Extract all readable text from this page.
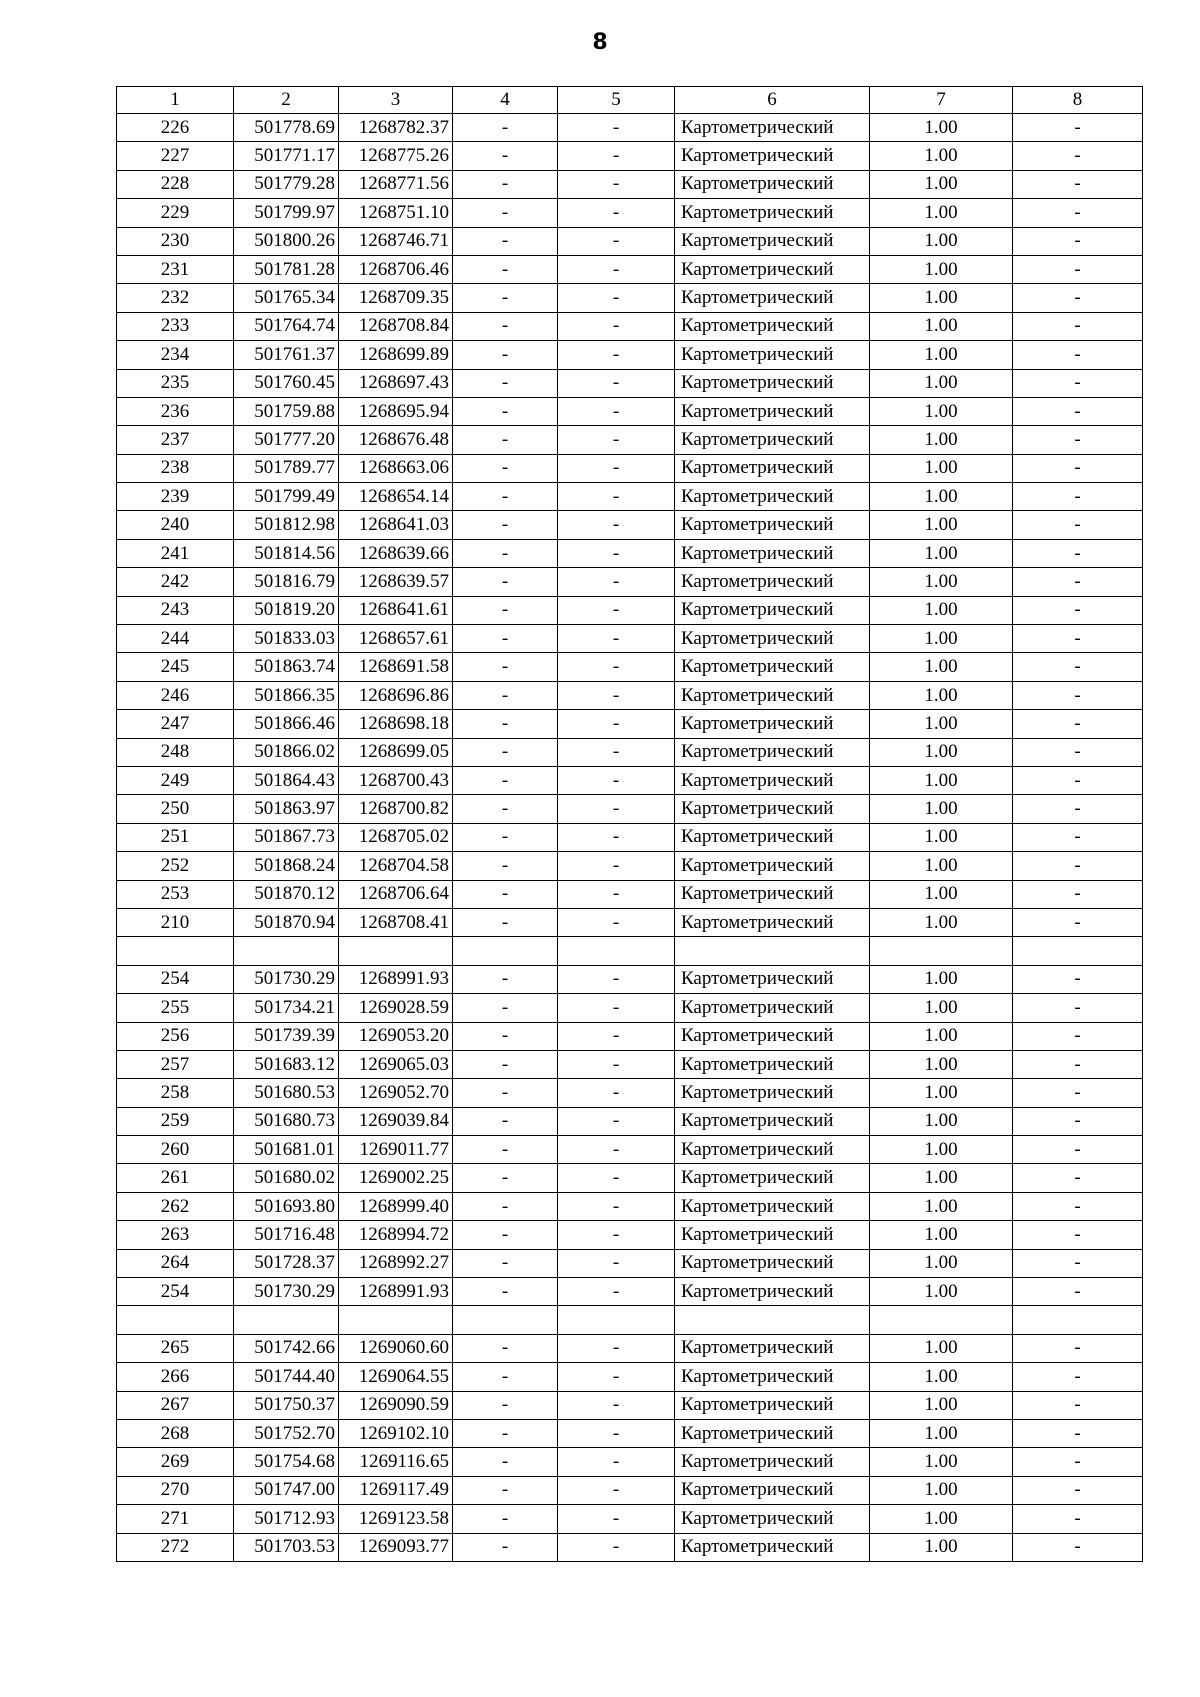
8
1	2	3	4	5	6	7	8
226	501778.69	1268782.37	-	-	Картометрический	1.00	-
227	501771.17	1268775.26	-	-	Картометрический	1.00	-
228	501779.28	1268771.56	-	-	Картометрический	1.00	-
229	501799.97	1268751.10	-	-	Картометрический	1.00	-
230	501800.26	1268746.71	-	-	Картометрический	1.00	-
231	501781.28	1268706.46	-	-	Картометрический	1.00	-
232	501765.34	1268709.35	-	-	Картометрический	1.00	-
233	501764.74	1268708.84	-	-	Картометрический	1.00	-
234	501761.37	1268699.89	-	-	Картометрический	1.00	-
235	501760.45	1268697.43	-	-	Картометрический	1.00	-
236	501759.88	1268695.94	-	-	Картометрический	1.00	-
237	501777.20	1268676.48	-	-	Картометрический	1.00	-
238	501789.77	1268663.06	-	-	Картометрический	1.00	-
239	501799.49	1268654.14	-	-	Картометрический	1.00	-
240	501812.98	1268641.03	-	-	Картометрический	1.00	-
241	501814.56	1268639.66	-	-	Картометрический	1.00	-
242	501816.79	1268639.57	-	-	Картометрический	1.00	-
243	501819.20	1268641.61	-	-	Картометрический	1.00	-
244	501833.03	1268657.61	-	-	Картометрический	1.00	-
245	501863.74	1268691.58	-	-	Картометрический	1.00	-
246	501866.35	1268696.86	-	-	Картометрический	1.00	-
247	501866.46	1268698.18	-	-	Картометрический	1.00	-
248	501866.02	1268699.05	-	-	Картометрический	1.00	-
249	501864.43	1268700.43	-	-	Картометрический	1.00	-
250	501863.97	1268700.82	-	-	Картометрический	1.00	-
251	501867.73	1268705.02	-	-	Картометрический	1.00	-
252	501868.24	1268704.58	-	-	Картометрический	1.00	-
253	501870.12	1268706.64	-	-	Картометрический	1.00	-
210	501870.94	1268708.41	-	-	Картометрический	1.00	-

254	501730.29	1268991.93	-	-	Картометрический	1.00	-
255	501734.21	1269028.59	-	-	Картометрический	1.00	-
256	501739.39	1269053.20	-	-	Картометрический	1.00	-
257	501683.12	1269065.03	-	-	Картометрический	1.00	-
258	501680.53	1269052.70	-	-	Картометрический	1.00	-
259	501680.73	1269039.84	-	-	Картометрический	1.00	-
260	501681.01	1269011.77	-	-	Картометрический	1.00	-
261	501680.02	1269002.25	-	-	Картометрический	1.00	-
262	501693.80	1268999.40	-	-	Картометрический	1.00	-
263	501716.48	1268994.72	-	-	Картометрический	1.00	-
264	501728.37	1268992.27	-	-	Картометрический	1.00	-
254	501730.29	1268991.93	-	-	Картометрический	1.00	-

265	501742.66	1269060.60	-	-	Картометрический	1.00	-
266	501744.40	1269064.55	-	-	Картометрический	1.00	-
267	501750.37	1269090.59	-	-	Картометрический	1.00	-
268	501752.70	1269102.10	-	-	Картометрический	1.00	-
269	501754.68	1269116.65	-	-	Картометрический	1.00	-
270	501747.00	1269117.49	-	-	Картометрический	1.00	-
271	501712.93	1269123.58	-	-	Картометрический	1.00	-
272	501703.53	1269093.77	-	-	Картометрический	1.00	-
